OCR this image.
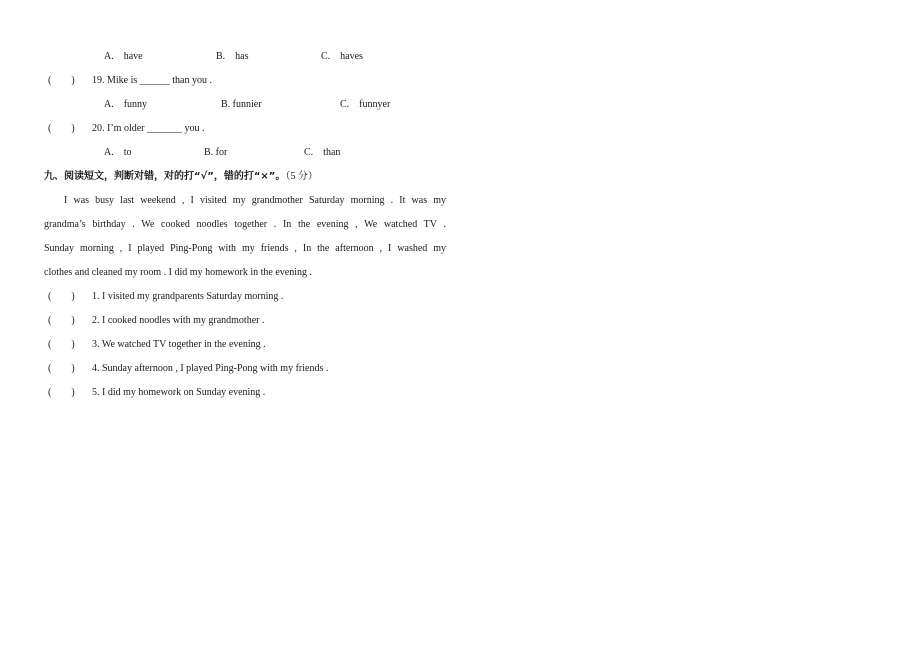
A.　have	B.　has	C.　haves
(　　) 19. Mike is ______ than you .
A.　funny	B. funnier	C.　funnyer
(　　) 20. I’m older _______ you .
A.　to	B. for	C.　than
九、阅读短文，判断对错，对的打“√”，错的打“×”。（5 分）
I was busy last weekend , I visited my grandmother Saturday morning . It was my
grandma’s birthday . We cooked noodles together . In the evening , We watched TV .
Sunday morning , I played Ping-Pong with my friends , In the afternoon , I washed my
clothes and cleaned my room . I did my homework in the evening .
(　　) 1. I visited my grandparents Saturday morning .
(　　) 2. I cooked noodles with my grandmother .
(　　) 3. We watched TV together in the evening .
(　　) 4. Sunday afternoon , I played Ping-Pong with my friends .
(　　) 5. I did my homework on Sunday evening .
